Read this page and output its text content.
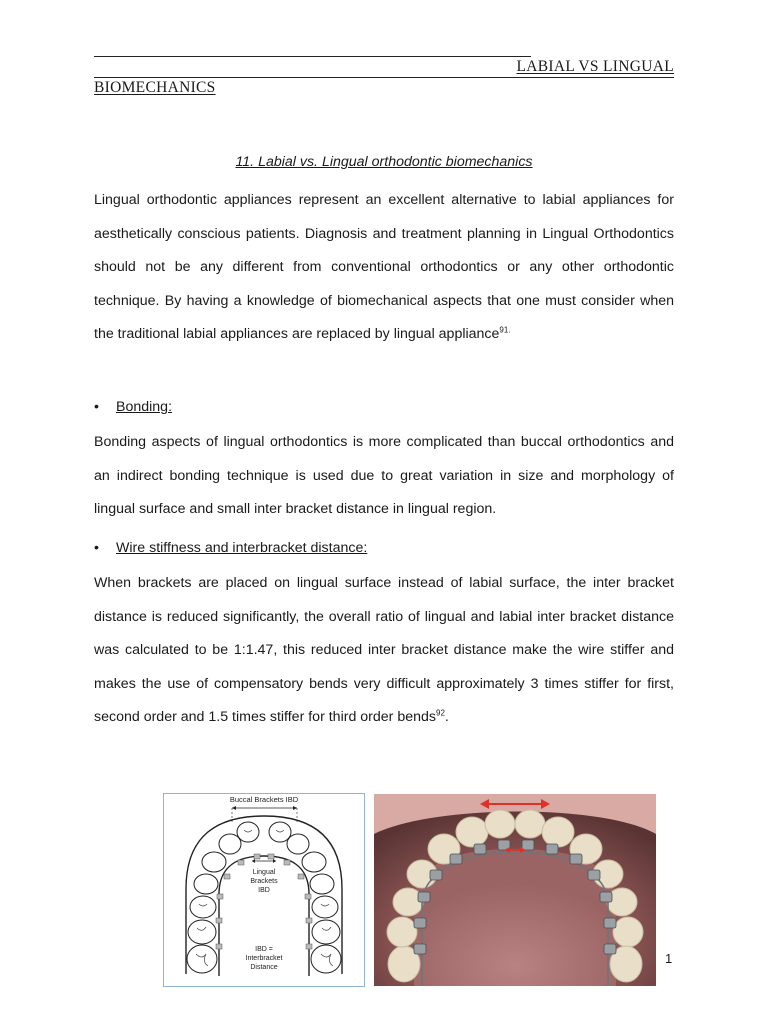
LABIAL VS LINGUAL
BIOMECHANICS
11. Labial vs. Lingual orthodontic biomechanics
Lingual orthodontic appliances represent an excellent alternative to labial appliances for aesthetically conscious patients. Diagnosis and treatment planning in Lingual Orthodontics should not be any different from conventional orthodontics or any other orthodontic technique. By having a knowledge of biomechanical aspects that one must consider when the traditional labial appliances are replaced by lingual appliance$^{91.}$
• Bonding:
Bonding aspects of lingual orthodontics is more complicated than buccal orthodontics and an indirect bonding technique is used due to great variation in size and morphology of lingual surface and small inter bracket distance in lingual region.
• Wire stiffness and interbracket distance:
When brackets are placed on lingual surface instead of labial surface, the inter bracket distance is reduced significantly, the overall ratio of lingual and labial inter bracket distance was calculated to be 1:1.47, this reduced inter bracket distance make the wire stiffer and makes the use of compensatory bends very difficult approximately 3 times stiffer for first, second order and 1.5 times stiffer for third order bends$^{92}$.
Buccal Brackets IBD
Lingual
Brackets
IBD
IBD =
Interbracket
Distance
1
